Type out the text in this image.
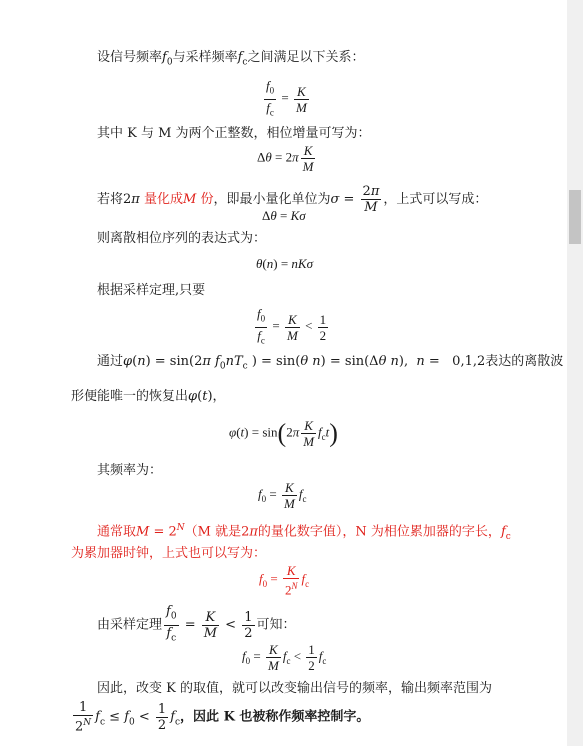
设信号频率$f_0$与采样频率$f_c$之间满足以下关系：
$\frac{f_0}{f_c} = \frac{K}{M}$
其中 K 与 M 为两个正整数，相位增量可写为：
$\Delta\theta = 2\pi \frac{K}{M}$
若将2π 量化成M 份，即最小量化单位为$\sigma = \frac{2\pi}{M}$ ，上式可以写成：
Δθ = Kσ
则离散相位序列的表达式为：
θ(n) = nKσ
根据采样定理,只要
$\frac{f_0}{f_c} = \frac{K}{M} < \frac{1}{2}$
通过φ(n) = sin(2π $f_0nT_c$ ) = sin(θ n) = sin(Δθ n),  n =   0,1,2表达的离散波
形便能唯一的恢复出φ(t)，
$\varphi(t) = \sin(2\pi \frac{K}{M} f_ct)$
其频率为：
$f_0 = \frac{K}{M} f_c$
通常取$M = 2^N(M$ 就是2π的量化数字值），N 为相位累加器的字长，$f_c$
为累加器时钟，上式也可以写为：
$f_0 = \frac{K}{2^N} f_c$
由采样定理 $\frac{f_0}{f_c} = \frac{K}{M} < \frac{1}{2}$ 可知：
$f_0 = \frac{K}{M} f_c < \frac{1}{2} f_c$
因此，改变 K 的取值，就可以改变输出信号的频率，输出频率范围为
$\frac{1}{2^N} f_c \le f_0 < \frac{1}{2} f_c$，因此 K 也被称作频率控制字。
